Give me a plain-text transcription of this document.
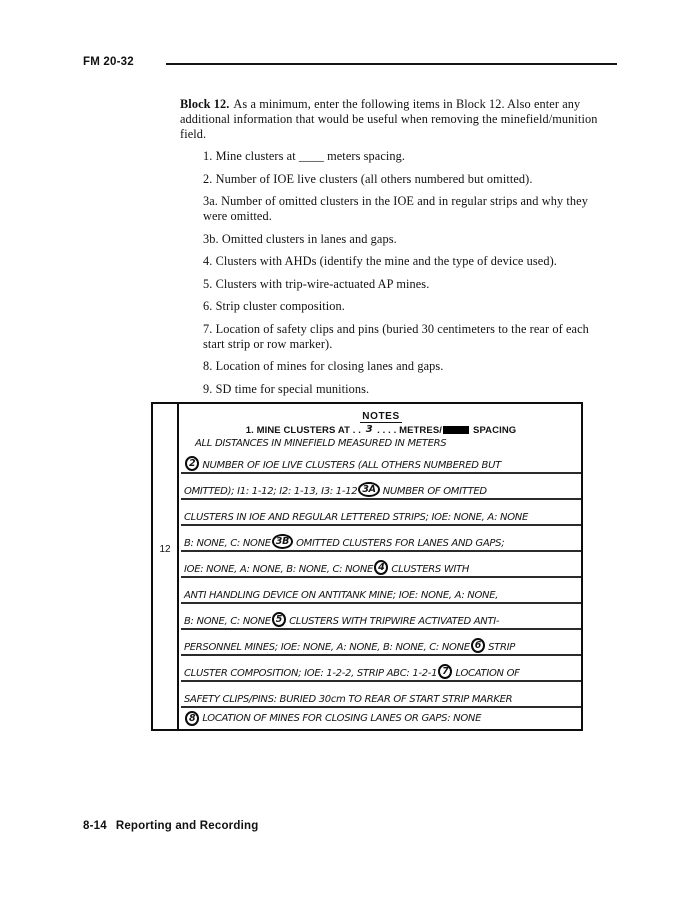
FM 20-32

Block 12. As a minimum, enter the following items in Block 12. Also enter any additional information that would be useful when removing the minefield/munition field.

1. Mine clusters at ____ meters spacing.

2. Number of IOE live clusters (all others numbered but omitted).

3a. Number of omitted clusters in the IOE and in regular strips and why they were omitted.

3b. Omitted clusters in lanes and gaps.

4. Clusters with AHDs (identify the mine and the type of device used).

5. Clusters with trip-wire-actuated AP mines.

6. Strip cluster composition.

7. Location of safety clips and pins (buried 30 centimeters to the rear of each start strip or row marker).

8. Location of mines for closing lanes and gaps.

9. SD time for special munitions.

12
NOTES
1. MINE CLUSTERS AT . . 3 . . . . METRES/	SPACING
ALL DISTANCES IN MINEFIELD MEASURED IN METERS
2 NUMBER OF IOE LIVE CLUSTERS (ALL OTHERS NUMBERED BUT
OMITTED); I1: 1-12; I2: 1-13, I3: 1-12 3A NUMBER OF OMITTED
CLUSTERS IN IOE AND REGULAR LETTERED STRIPS; IOE: NONE, A: NONE
B: NONE, C: NONE 3B OMITTED CLUSTERS FOR LANES AND GAPS;
IOE: NONE, A: NONE, B: NONE, C: NONE 4 CLUSTERS WITH
ANTI HANDLING DEVICE ON ANTITANK MINE; IOE: NONE, A: NONE,
B: NONE, C: NONE 5 CLUSTERS WITH TRIPWIRE ACTIVATED ANTI-
PERSONNEL MINES; IOE: NONE, A: NONE, B: NONE, C: NONE 6 STRIP
CLUSTER COMPOSITION; IOE: 1-2-2, STRIP ABC: 1-2-1 7 LOCATION OF
SAFETY CLIPS/PINS: BURIED 30cm TO REAR OF START STRIP MARKER
8 LOCATION OF MINES FOR CLOSING LANES OR GAPS: NONE
8-14 Reporting and Recording
